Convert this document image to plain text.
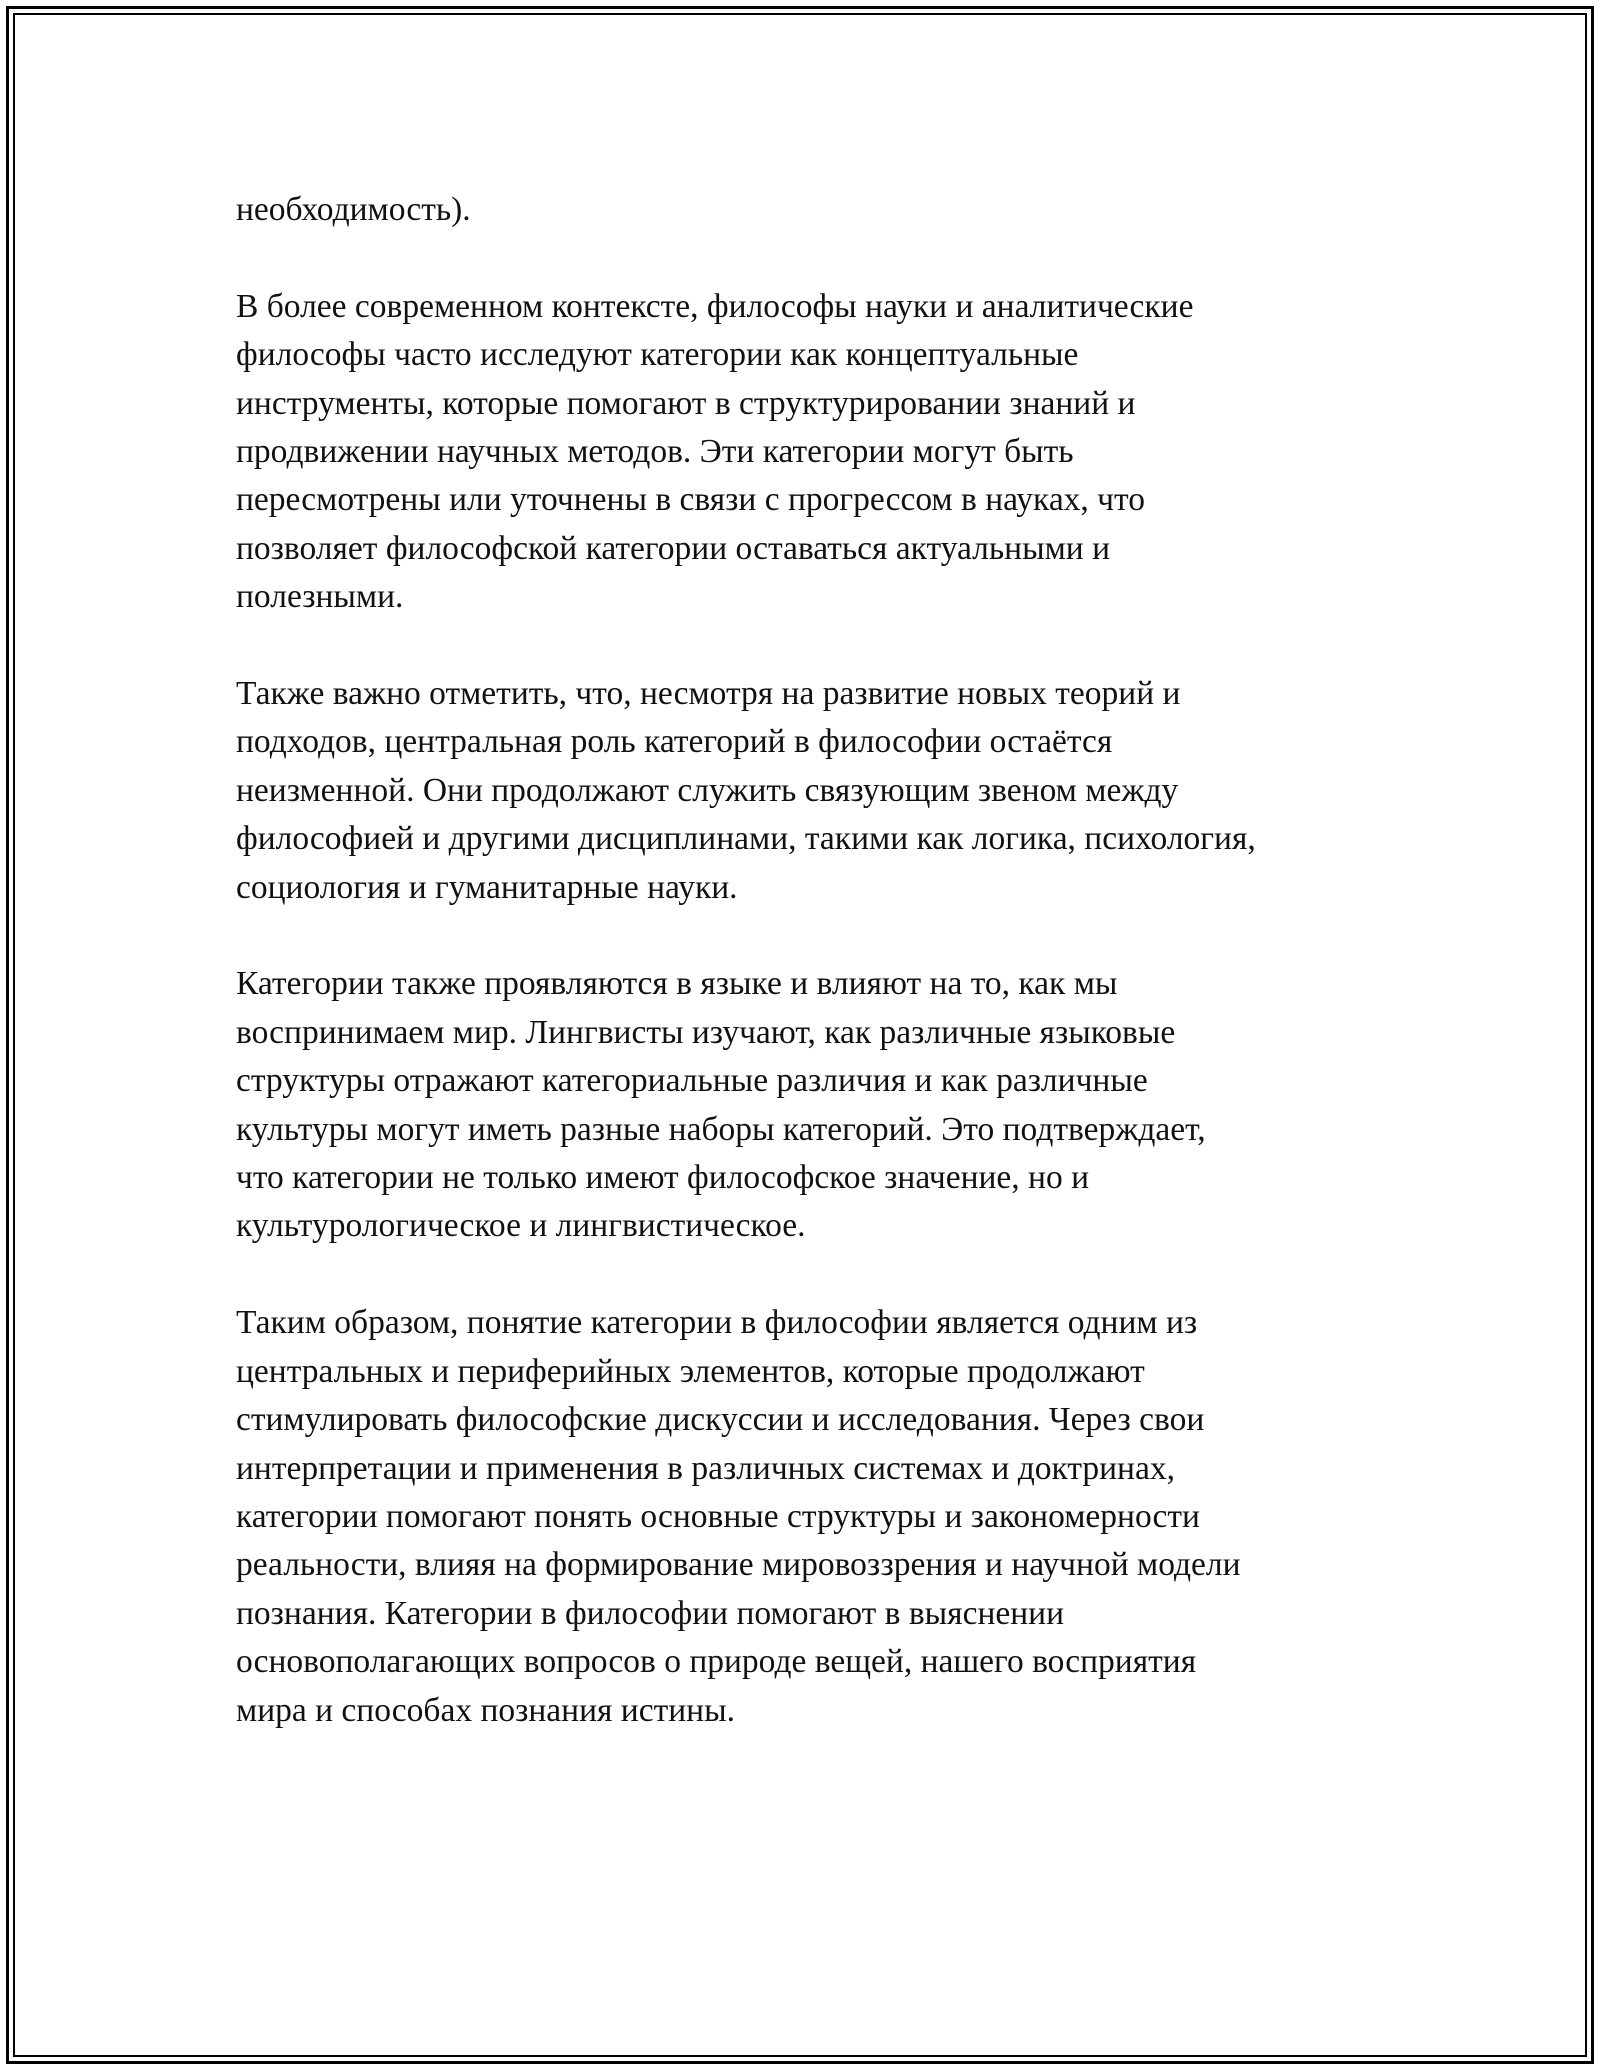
необходимость).

В более современном контексте, философы науки и аналитические
философы часто исследуют категории как концептуальные
инструменты, которые помогают в структурировании знаний и
продвижении научных методов. Эти категории могут быть
пересмотрены или уточнены в связи с прогрессом в науках, что
позволяет философской категории оставаться актуальными и
полезными.

Также важно отметить, что, несмотря на развитие новых теорий и
подходов, центральная роль категорий в философии остаётся
неизменной. Они продолжают служить связующим звеном между
философией и другими дисциплинами, такими как логика, психология,
социология и гуманитарные науки.

Категории также проявляются в языке и влияют на то, как мы
воспринимаем мир. Лингвисты изучают, как различные языковые
структуры отражают категориальные различия и как различные
культуры могут иметь разные наборы категорий. Это подтверждает,
что категории не только имеют философское значение, но и
культурологическое и лингвистическое.

Таким образом, понятие категории в философии является одним из
центральных и периферийных элементов, которые продолжают
стимулировать философские дискуссии и исследования. Через свои
интерпретации и применения в различных системах и доктринах,
категории помогают понять основные структуры и закономерности
реальности, влияя на формирование мировоззрения и научной модели
познания. Категории в философии помогают в выяснении
основополагающих вопросов о природе вещей, нашего восприятия
мира и способах познания истины.
